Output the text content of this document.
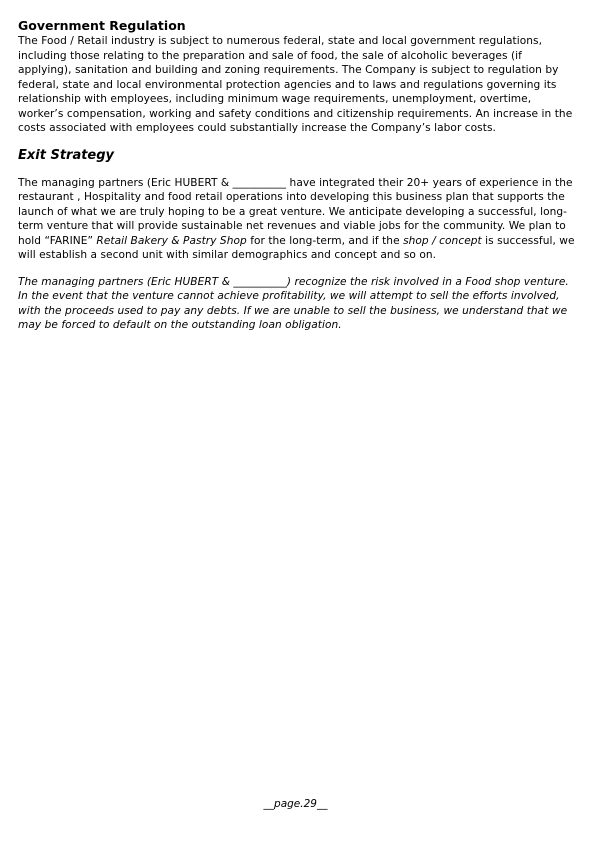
Government Regulation

The Food / Retail industry is subject to numerous federal, state and local government regulations, including those relating to the preparation and sale of food, the sale of alcoholic beverages (if applying), sanitation and building and zoning requirements. The Company is subject to regulation by federal, state and local environmental protection agencies and to laws and regulations governing its relationship with employees, including minimum wage requirements, unemployment, overtime, worker’s compensation, working and safety conditions and citizenship requirements. An increase in the costs associated with employees could substantially increase the Company’s labor costs.

Exit Strategy

The managing partners (Eric HUBERT & __________ have integrated their 20+ years of experience in the restaurant , Hospitality and food retail operations into developing this business plan that supports the launch of what we are truly hoping to be a great venture. We anticipate developing a successful, long-term venture that will provide sustainable net revenues and viable jobs for the community. We plan to hold “FARINE” Retail Bakery & Pastry Shop for the long-term, and if the shop / concept is successful, we will establish a second unit with similar demographics and concept and so on.

The managing partners (Eric HUBERT & __________) recognize the risk involved in a Food shop venture. In the event that the venture cannot achieve profitability, we will attempt to sell the efforts involved, with the proceeds used to pay any debts. If we are unable to sell the business, we understand that we may be forced to default on the outstanding loan obligation.

__page.29__
